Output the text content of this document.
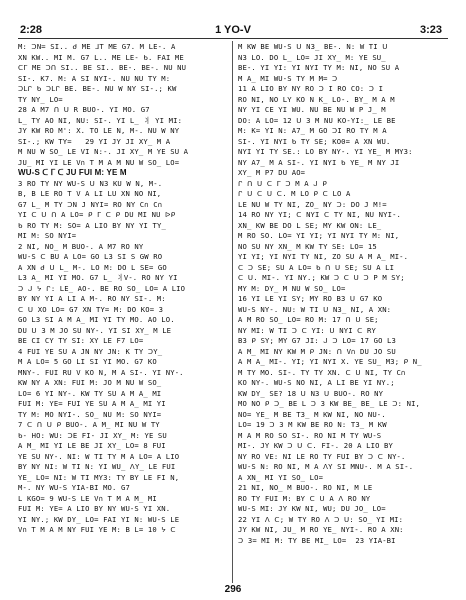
2:28	1 YO-V	3:23
M: ᑐN= SI.. ᑯ ME ⅃T ME G7. M LE-. A
XN KW.. MI M. G7 L.. ME LE- ᑲ. FAI ME
ᑕᒥ ME ᑐᑎ SI.. BE SI.. BE-. BE-. NU NU
SI-. K7. M: A SI NYI-. NU NU TY M:
ᑐᒪᒋ ᑲ ᑐᒪᒋ BE. BE-. NU W NY SI-.; KW
TY NY_ LO=
28 A M7 ᑎ ᑌ R BUO-. YI MO. G7
L_ TY AO NI, NU: SI-. YI L_ 丬 YI MI:
JY KW RO M': X. TO LE N, M-. NU W NY
SI-.; KW TY=   29 YI JY JI XY_ M A
M NU W SO_ LE VI N:-. JI XY_ M YE SU A
JU_ MI YI LE V∩ T M A M NU W SO_ LO=
WU-S ᑕ ᒥ ᑕ JU FUI M: YE M
3 RO TY NY WU-S ᑌ N3 KU W N, M-.
B, B LE RO T V A LI LU XN NO NI,
G7 L_ M TY ᑐN J NYI= RO NY C∩ C∩
YI ᑕ ᑌ ᑎ A LO= ᑭ ᒥ ᑕ ᑭ DU MI NU ᐅᑭ
ᑲ RO TY M: SO= A LIO BY NY YI TY_
MI M: SO NYI=
2 NI, NO_ M BUO-. A M7 RO NY
WU-S ᑕ BU A LO= GO L3 SI S GW RO
A XN ᑯ ᑌ L_ M-. LO M: DO L SE= GO
L3 A_ MI YI MO. G7 L_ 丬V-. RO NY YI
ᑐ ᒍ ᔭ ᒋ: LE_ AO-. BE RO SO_ LO= A LIO
BY NY YI A LI A M-. RO NY SI-. M:
ᑕ ᑌ XO LO= G7 XN TY= M: DO KO= 3
GO L3 SI A M A_ MI YI TY MO. AO LO.
DU ᑌ 3 M JO SU NY-. YI SI XY_ M LE
BE CI CY TY SI: XY LE F7 LO=
4 FUI YE SU A JN NY JN: K TY ᑐY_
M A LO= 5 GO LI SI YI MO. G7 KO
MNY-. FUI RU V KO N, M A SI-. YI NY-.
KW NY A XN: FUI M: JO M NU W SO_
LO= 6 YI NY-. KW TY SU A M A_ MI
FUI M: YE= FUI YE SU A M A_ MI YI
TY M: MO NYI-. SO_ NU M: SO NYI=
7 ᑕ ᑎ ᑌ ᑭ BUO-. A M_ MI NU W TY
ᑲ- HO: WU: ᑐE FI- JI XY_ M: YE SU
A M_ MI YI LE BE JI XY_ LO= 8 FUI
YE SU NY-. NI: W TI TY M A LO= A LIO
BY NY NI: W TI N: YI WU_ ᐱY_ LE FUI
YE_ LO= NI: W TI MY3: TY BY LE FI N,
M-. NY WU-S YIA-BI MO. G7
L KGO= 9 WU-S LE V∩ T M A M_ MI
FUI M: YE= A LIO BY NY WU-S YI XN.
YI NY.; KW DY_ LO= FAI YI N: WU-S LE
V∩ T M A M NY FUI YE M: B L= 10 ᔭ ᑕ
M KW BE WU-S ᑌ N3_ BE-. N: W TI ᑌ
N3 LO. DO L_ LO= JI XY_ M: YE SU_
BE-. YI YI: YI NYI TY M: NI, NO SU A
M A_ MI WU-S TY M M= ᑐ
11 A LIO BY NY RO ᑐ I RO CO: ᑐ I
RO NI, NO LY KO N K_ LO-. BY_ M A M
NY YI CE YI WU. NU BE NU W P J_ M
DO: A LO= 12 ᑌ 3 M NU KO-YI:_ LE BE
M: K= YI N: A7_ M GO ᑐI RO TY M A
SI-. YI NYI ᑲ TY SE; KO0= A XN WU.
NYI YI TY SE.: LO BY NY-. YI YE_ M MY3:
NY A7_ M A SI-. YI NYI ᑲ YE_ M NY JI
XY_ M P7 DU AO=
ᒋ ᑎ ᑌ ᑕ ᒥ ᑐ M A ᒍ ᑭ
ᒋ ᑌ ᑕ ᑌ ᑕ. M LO ᑭ ᑕ LO A
LE NU W TY NI, ZO_ NY ᑐ: DO J M!=
14 RO NY YI; ᑕ NYI ᑕ TY NI, NU NYI-.
XN_ KW BE DO L SE; MY KW ON: LE_
M RO SO. LO= YI YI; YI NYI TY M: NI,
NO SU NY XN_ M KW TY SE: LO= 15
YI YI; YI NYI TY NI, ZO SU A M A_ MI-.
ᑕ ᑐ SE; SU A LO= ᑲ ᑎ ᑌ SE; SU A LI
ᑕ ᑌ. MI-. YI NY.; KW ᑐ ᑕ ᑌ ᑐ P M SY;
MY M: DY_ M NU W SO_ LO=
16 YI LE YI SY; MY RO B3 ᑌ G7 KO
WU-S NY-. NU: W TI ᑌ N3_ NI, A XN:
A M RO SO_ LO= RO M: 17 ᑎ ᑌ SE;
NY MI: W TI ᑐ ᑕ YI: ᑌ NYI ᑕ RY
B3 ᑭ SY; MY G7 JI: ᒍ ᑐ LO= 17 GO L3
A M_ MI NY KW M ᑭ JN: ᑎ V∩ DU JO SU
A M A_ MI-. YI; YI NYI X. YE SU_ M3; ᑭ N_
M TY MO. SI-. TY TY XN. ᑕ ᑌ NI, TY C∩
KO NY-. WU-S NO NI, A LI BE YI NY.;
KW DY_ SE? 18 ᑌ N3 ᑌ BUO-. RO NY
MO NO ᑭ ᑐ_ BE L ᑐ 3 KW BE_ BE_ LE ᑐ: NI,
NO= YE_ M BE T3_ M KW NI, NO NU-.
LO= 19 ᑐ 3 M KW BE RO N: T3_ M KW
M A M RO SO SI-. RO NI M TY WU-S
MI-. JY KW ᑐ ᑌ ᑕ. FI-. 20 A LIO BY
NY RO VE: NI LE RO TY FUI BY ᑐ ᑕ NY-.
WU-S N: RO NI, M A ᐱY SI MNU-. M A SI-.
A XN_ MI YI SO_ LO=
21 NI, NO_ M BUO-. RO NI, M LE
RO TY FUI M: BY ᑕ ᑌ A ᐱ RO NY
WU-S MI: JY KW NI, WU; DU JO_ LO=
22 YI ᐱ ᑕ; W TY RO ᐱ ᑐ ᑌ: SO_ YI MI:
JY KW NI, JU_ M RO YE_ NYI-. RO A XN:
ᑐ 3= MI M: TY BE MI_ LO=  23 YIA-BI
296
